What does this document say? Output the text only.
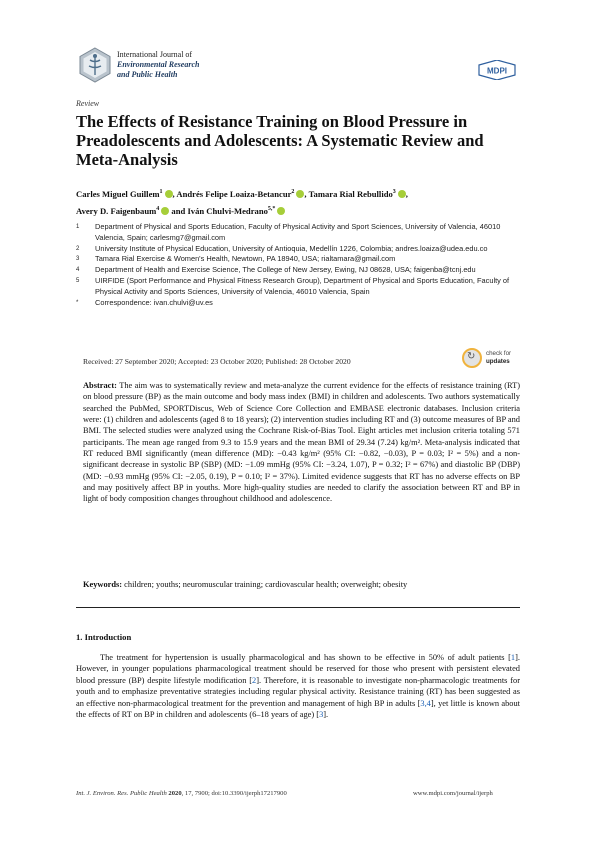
International Journal of
Environmental Research
and Public Health	MDPI
Review
The Effects of Resistance Training on Blood Pressure in Preadolescents and Adolescents: A Systematic Review and Meta-Analysis
Carles Miguel Guillem$^1$ , Andrés Felipe Loaiza-Betancur$^2$ , Tamara Rial Rebullido$^3$ ,
Avery D. Faigenbaum$^4$ and Iván Chulvi-Medrano$^{5,*}$
1	Department of Physical and Sports Education, Faculty of Physical Activity and Sport Sciences, University of Valencia, 46010 Valencia, Spain; carlesmg7@gmail.com
2	University Institute of Physical Education, University of Antioquia, Medellín 1226, Colombia; andres.loaiza@udea.edu.co
3	Tamara Rial Exercise & Women's Health, Newtown, PA 18940, USA; rialtamara@gmail.com
4	Department of Health and Exercise Science, The College of New Jersey, Ewing, NJ 08628, USA; faigenba@tcnj.edu
5	UIRFIDE (Sport Performance and Physical Fitness Research Group), Department of Physical and Sports Education, Faculty of Physical Activity and Sports Sciences, University of Valencia, 46010 Valencia, Spain
*	Correspondence: ivan.chulvi@uv.es
Received: 27 September 2020; Accepted: 23 October 2020; Published: 28 October 2020	↻ check for
updates
Abstract: The aim was to systematically review and meta-analyze the current evidence for the effects of resistance training (RT) on blood pressure (BP) as the main outcome and body mass index (BMI) in children and adolescents. Two authors systematically searched the PubMed, SPORTDiscus, Web of Science Core Collection and EMBASE electronic databases. Inclusion criteria were: (1) children and adolescents (aged 8 to 18 years); (2) intervention studies including RT and (3) outcome measures of BP and BMI. The selected studies were analyzed using the Cochrane Risk-of-Bias Tool. Eight articles met inclusion criteria totaling 571 participants. The mean age ranged from 9.3 to 15.9 years and the mean BMI of 29.34 (7.24) kg/m². Meta-analysis indicated that RT reduced BMI significantly (mean difference (MD): −0.43 kg/m² (95% CI: −0.82, −0.03), P = 0.03; I² = 5%) and a non-significant decrease in systolic BP (SBP) (MD: −1.09 mmHg (95% CI: −3.24, 1.07), P = 0.32; I² = 67%) and diastolic BP (DBP) (MD: −0.93 mmHg (95% CI: −2.05, 0.19), P = 0.10; I² = 37%). Limited evidence suggests that RT has no adverse effects on BP and may positively affect BP in youths. More high-quality studies are needed to clarify the association between RT and BP in light of body composition changes throughout childhood and adolescence.
Keywords: children; youths; neuromuscular training; cardiovascular health; overweight; obesity
1. Introduction
The treatment for hypertension is usually pharmacological and has shown to be effective in 50% of adult patients [1]. However, in younger populations pharmacological treatment should be reserved for those who present with persistent elevated blood pressure (BP) despite lifestyle modification [2]. Therefore, it is reasonable to investigate non-pharmacologic treatments for youth and to emphasize preventative strategies including regular physical activity. Resistance training (RT) has been suggested as an effective non-pharmacological treatment for the prevention and management of high BP in adults [3,4], yet little is known about the effects of RT on BP in children and adolescents (6–18 years of age) [3].
Int. J. Environ. Res. Public Health 2020, 17, 7900; doi:10.3390/ijerph17217900	www.mdpi.com/journal/ijerph
